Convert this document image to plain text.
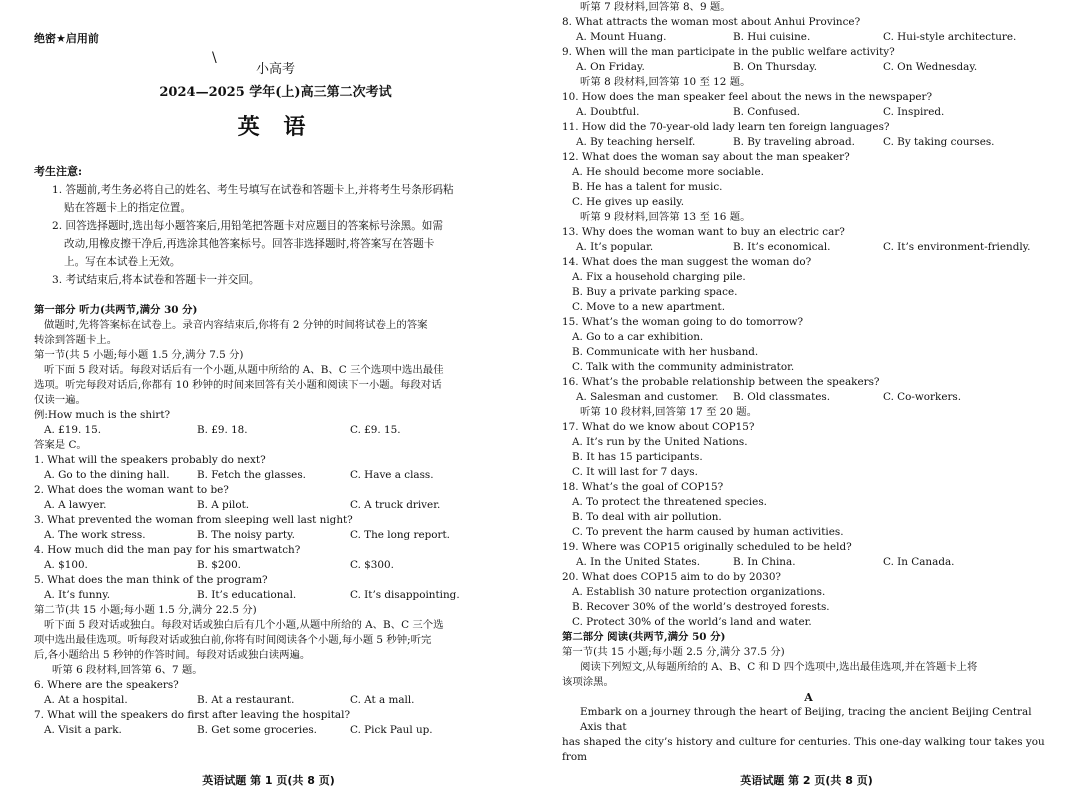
绝密★启用前
\
小高考
2024—2025 学年(上)高三第二次考试
英 语
考生注意:
1. 答题前,考生务必将自己的姓名、考生号填写在试卷和答题卡上,并将考生号条形码粘
贴在答题卡上的指定位置。
2. 回答选择题时,选出每小题答案后,用铅笔把答题卡对应题目的答案标号涂黑。如需
改动,用橡皮擦干净后,再选涂其他答案标号。回答非选择题时,将答案写在答题卡
上。写在本试卷上无效。
3. 考试结束后,将本试卷和答题卡一并交回。
第一部分 听力(共两节,满分 30 分)
做题时,先将答案标在试卷上。录音内容结束后,你将有 2 分钟的时间将试卷上的答案
转涂到答题卡上。
第一节(共 5 小题;每小题 1.5 分,满分 7.5 分)
听下面 5 段对话。每段对话后有一个小题,从题中所给的 A、B、C 三个选项中选出最佳
选项。听完每段对话后,你都有 10 秒钟的时间来回答有关小题和阅读下一小题。每段对话
仅读一遍。
例:How much is the shirt?
A. £19. 15.	B. £9. 18.	C. £9. 15.
答案是 C。
1. What will the speakers probably do next?
A. Go to the dining hall.	B. Fetch the glasses.	C. Have a class.
2. What does the woman want to be?
A. A lawyer.	B. A pilot.	C. A truck driver.
3. What prevented the woman from sleeping well last night?
A. The work stress.	B. The noisy party.	C. The long report.
4. How much did the man pay for his smartwatch?
A. $100.	B. $200.	C. $300.
5. What does the man think of the program?
A. It’s funny.	B. It’s educational.	C. It’s disappointing.
第二节(共 15 小题;每小题 1.5 分,满分 22.5 分)
听下面 5 段对话或独白。每段对话或独白后有几个小题,从题中所给的 A、B、C 三个选
项中选出最佳选项。听每段对话或独白前,你将有时间阅读各个小题,每小题 5 秒钟;听完
后,各小题给出 5 秒钟的作答时间。每段对话或独白读两遍。
听第 6 段材料,回答第 6、7 题。
6. Where are the speakers?
A. At a hospital.	B. At a restaurant.	C. At a mall.
7. What will the speakers do first after leaving the hospital?
A. Visit a park.	B. Get some groceries.	C. Pick Paul up.
英语试题 第 1 页(共 8 页)
听第 7 段材料,回答第 8、9 题。
8. What attracts the woman most about Anhui Province?
A. Mount Huang.	B. Hui cuisine.	C. Hui-style architecture.
9. When will the man participate in the public welfare activity?
A. On Friday.	B. On Thursday.	C. On Wednesday.
听第 8 段材料,回答第 10 至 12 题。
10. How does the man speaker feel about the news in the newspaper?
A. Doubtful.	B. Confused.	C. Inspired.
11. How did the 70-year-old lady learn ten foreign languages?
A. By teaching herself.	B. By traveling abroad.	C. By taking courses.
12. What does the woman say about the man speaker?
A. He should become more sociable.
B. He has a talent for music.
C. He gives up easily.
听第 9 段材料,回答第 13 至 16 题。
13. Why does the woman want to buy an electric car?
A. It’s popular.	B. It’s economical.	C. It’s environment-friendly.
14. What does the man suggest the woman do?
A. Fix a household charging pile.
B. Buy a private parking space.
C. Move to a new apartment.
15. What’s the woman going to do tomorrow?
A. Go to a car exhibition.
B. Communicate with her husband.
C. Talk with the community administrator.
16. What’s the probable relationship between the speakers?
A. Salesman and customer.	B. Old classmates.	C. Co-workers.
听第 10 段材料,回答第 17 至 20 题。
17. What do we know about COP15?
A. It’s run by the United Nations.
B. It has 15 participants.
C. It will last for 7 days.
18. What’s the goal of COP15?
A. To protect the threatened species.
B. To deal with air pollution.
C. To prevent the harm caused by human activities.
19. Where was COP15 originally scheduled to be held?
A. In the United States.	B. In China.	C. In Canada.
20. What does COP15 aim to do by 2030?
A. Establish 30 nature protection organizations.
B. Recover 30% of the world’s destroyed forests.
C. Protect 30% of the world’s land and water.
第二部分 阅读(共两节,满分 50 分)
第一节(共 15 小题;每小题 2.5 分,满分 37.5 分)
阅读下列短文,从每题所给的 A、B、C 和 D 四个选项中,选出最佳选项,并在答题卡上将
该项涂黑。
A
Embark on a journey through the heart of Beijing, tracing the ancient Beijing Central Axis that
has shaped the city’s history and culture for centuries. This one-day walking tour takes you from
英语试题 第 2 页(共 8 页)
